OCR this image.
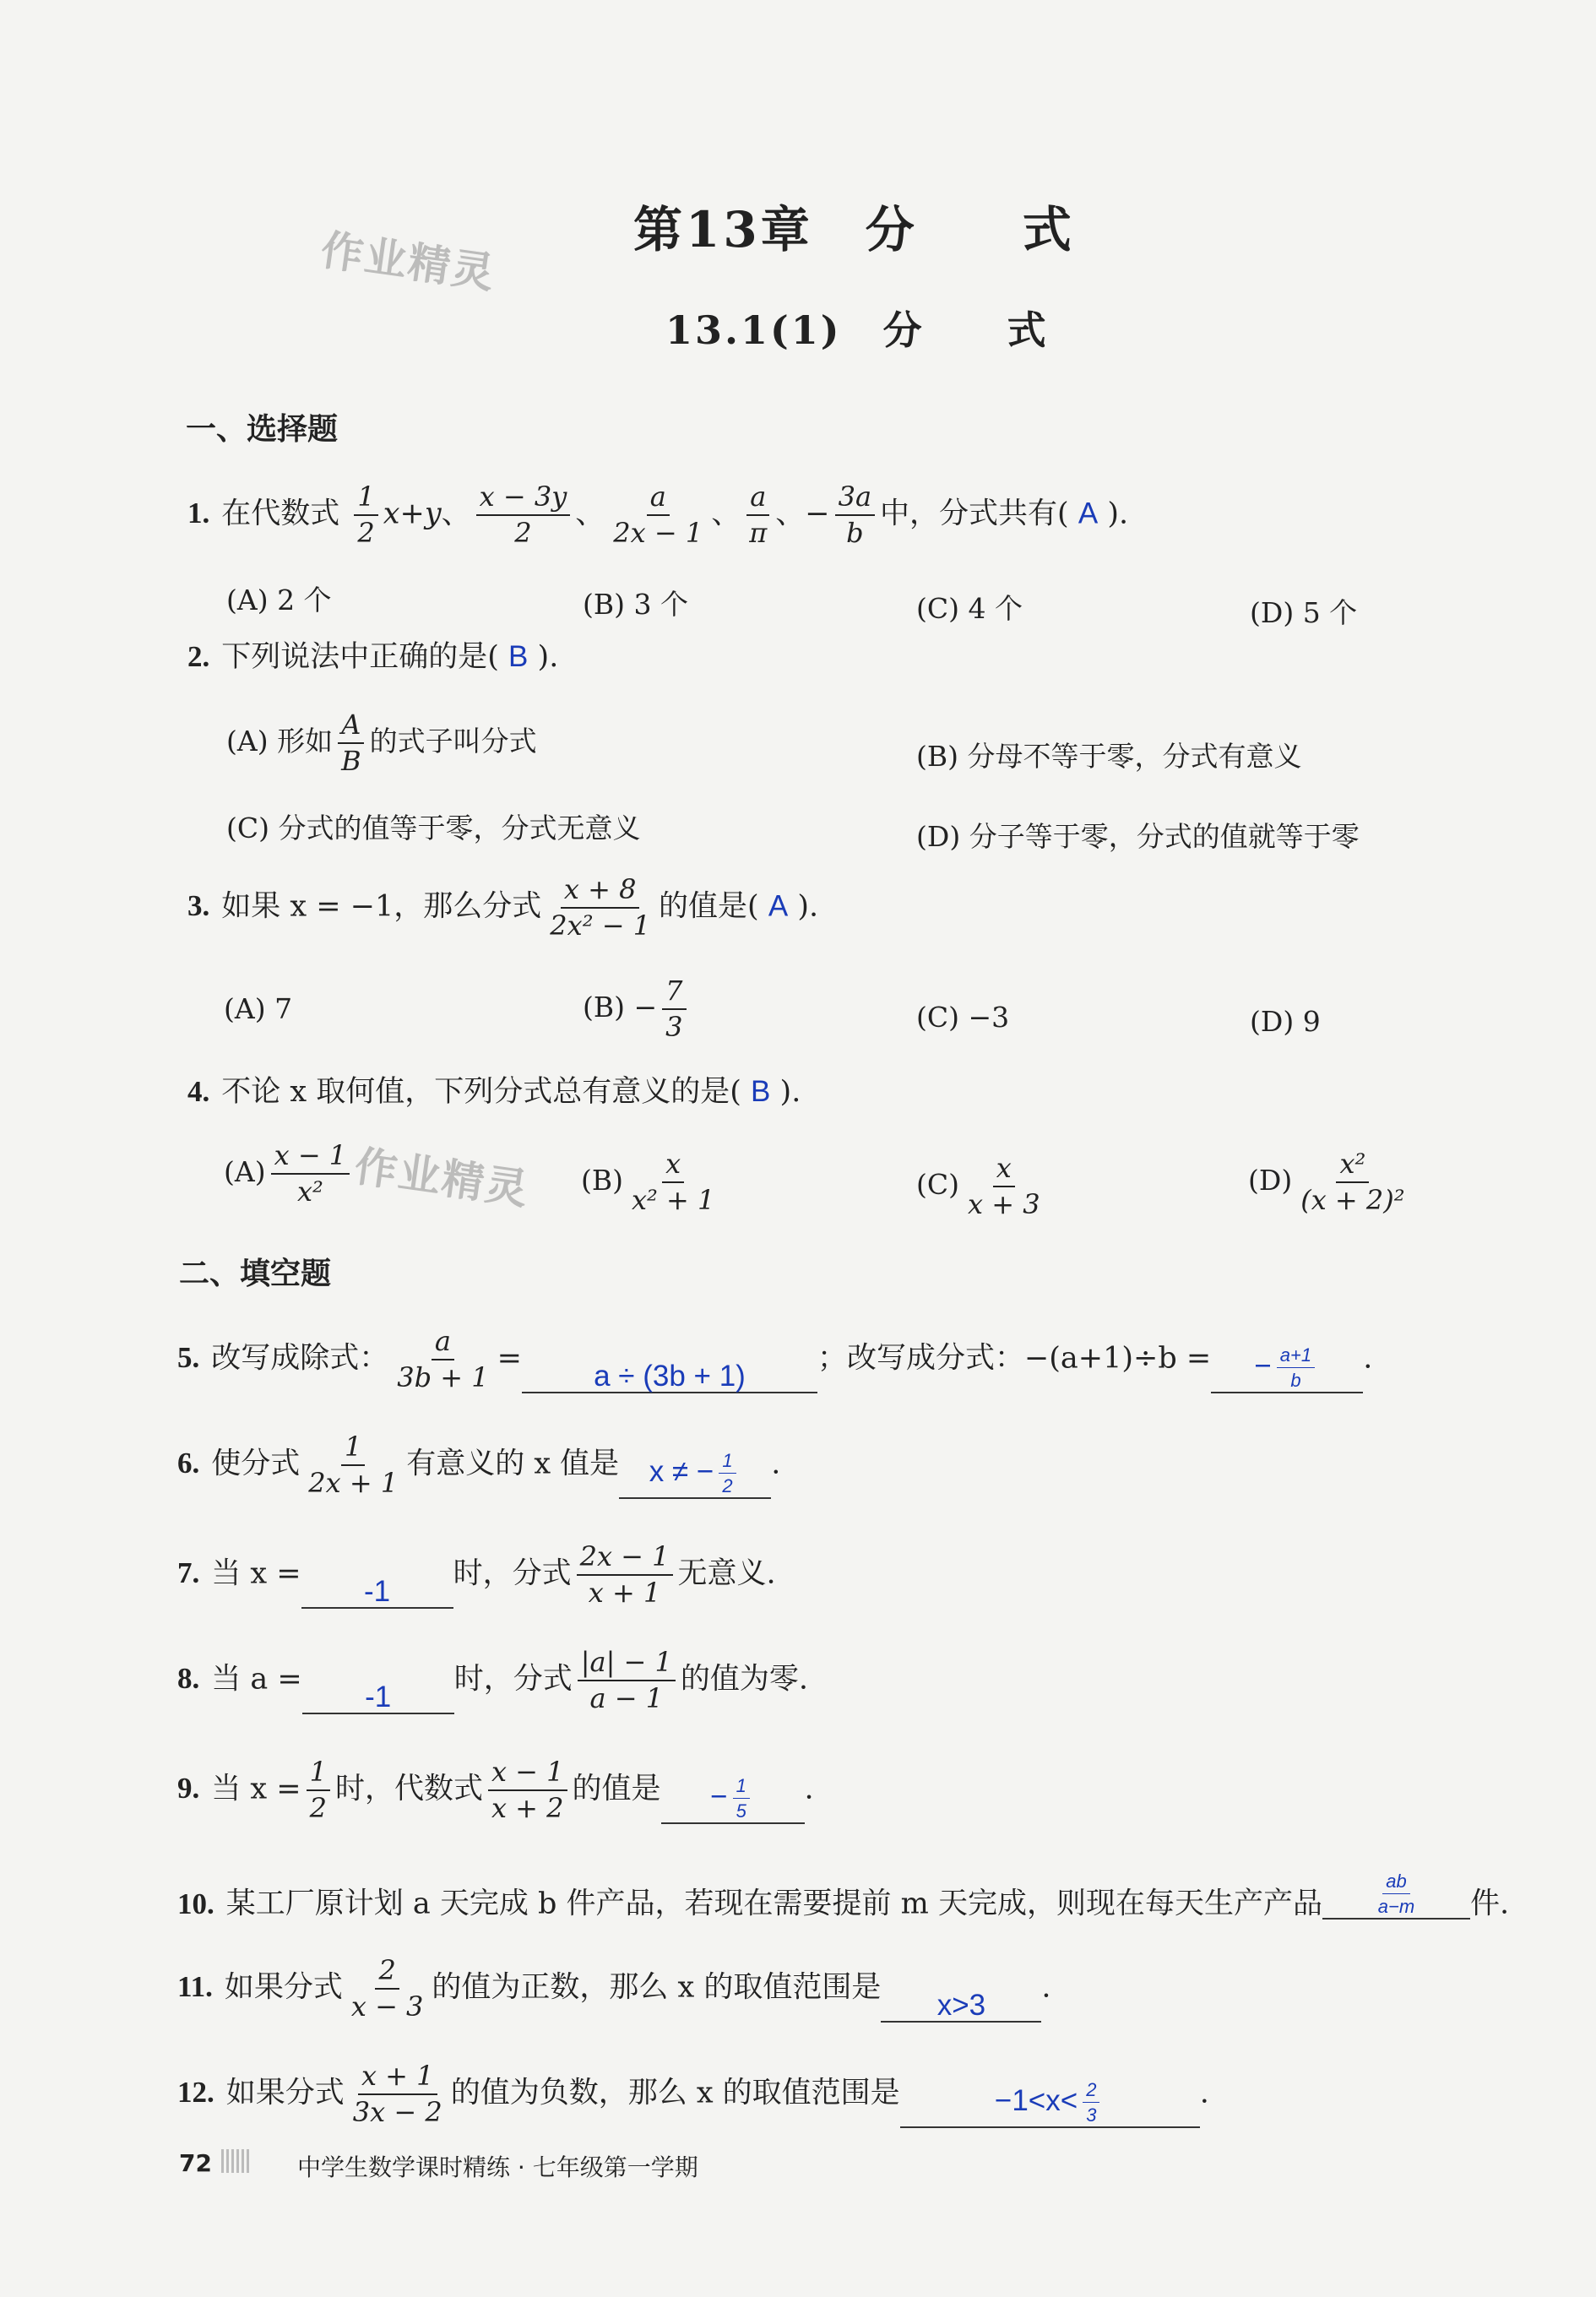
第13章　分　　式
13.1(1)　分　　式
作业精灵
作业精灵
一、选择题
1. 在代数式 $\frac{1}{2} x+y$、 $\frac{x - 3y}{2}$ 、 $\frac{a}{2x - 1}$ 、 $\frac{a}{\pi}$ 、− $\frac{3a}{b}$ 中，分式共有( A ).
(A) 2 个	(B) 3 个	(C) 4 个	(D) 5 个
2. 下列说法中正确的是( B ).
(A) 形如 $\frac{A}{B}$ 的式子叫分式	(B) 分母不等于零，分式有意义
(C) 分式的值等于零，分式无意义	(D) 分子等于零，分式的值就等于零
3. 如果 x = −1，那么分式 $\frac{x + 8}{\text{2x² − 1}}$ 的值是( A ).
(A) 7	$(B) - \frac{7}{3}$	(C) −3	(D) 9
4. 不论 x 取何值，下列分式总有意义的是( B ).
$(A) \frac{x - 1}{\text{x²}}$	$(B) \frac{x}{\text{x² + 1}}$	$(C) \frac{x}{x + 3}$	$(D) \frac{\text{x²}}{\text{(x + 2)²}}$
二、填空题
5. 改写成除式： $\frac{a}{3b + 1} =a \div (3b + 1)$；改写成分式：−(a+1)÷b = − $\frac{a+1}{b}$ .
6. 使分式 $\frac{1}{2x + 1}$ 有意义的 x 值是 x ≠ − $\frac{1}{2}$ .
7. 当 x =-1时，分式 $\frac{2x - 1}{x + 1}$ 无意义.
8. 当 a =-1时，分式 $\frac{|a| - 1}{a - 1}$ 的值为零.
9. 当 $x = \frac{1}{2}$ 时，代数式 $\frac{x - 1}{x + 2}$ 的值是 − $\frac{1}{5}$ .
10. 某工厂原计划 a 天完成 b 件产品，若现在需要提前 m 天完成，则现在每天生产产品	$\frac{ab}{a-m}$ 件.
11. 如果分式 $\frac{2}{x - 3}$ 的值为正数，那么 x 的取值范围是x>3.
12. 如果分式 $\frac{x + 1}{3x - 2}$ 的值为负数，那么 x 的取值范围是	$-1<x< \frac{2}{3}$	.
72	中学生数学课时精练 · 七年级第一学期
